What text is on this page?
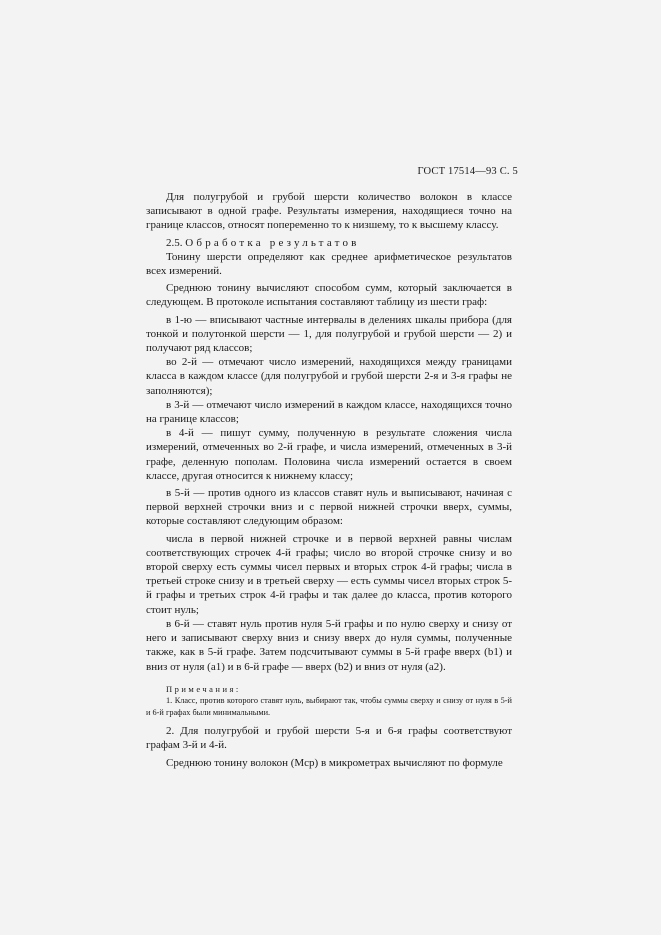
ГОСТ 17514—93 С. 5

Для полугрубой и грубой шерсти количество волокон в классе записывают в одной графе. Результаты измерения, находящиеся точно на границе классов, относят попеременно то к низшему, то к высшему классу.

2.5. Обработка результатов

Тонину шерсти определяют как среднее арифметическое результатов всех измерений.

Среднюю тонину вычисляют способом сумм, который заключается в следующем. В протоколе испытания составляют таблицу из шести граф:

в 1-ю — вписывают частные интервалы в делениях шкалы прибора (для тонкой и полутонкой шерсти — 1, для полугрубой и грубой шерсти — 2) и получают ряд классов;

во 2-й — отмечают число измерений, находящихся между границами класса в каждом классе (для полугрубой и грубой шерсти 2-я и 3-я графы не заполняются);

в 3-й — отмечают число измерений в каждом классе, находящихся точно на границе классов;

в 4-й — пишут сумму, полученную в результате сложения числа измерений, отмеченных во 2-й графе, и числа измерений, отмеченных в 3-й графе, деленную пополам. Половина числа измерений остается в своем классе, другая относится к нижнему классу;

в 5-й — против одного из классов ставят нуль и выписывают, начиная с первой верхней строчки вниз и с первой нижней строчки вверх, суммы, которые составляют следующим образом:

числа в первой нижней строчке и в первой верхней равны числам соответствующих строчек 4-й графы; число во второй строчке снизу и во второй сверху есть суммы чисел первых и вторых строк 4-й графы; числа в третьей строке снизу и в третьей сверху — есть суммы чисел вторых строк 5-й графы и третьих строк 4-й графы и так далее до класса, против которого стоит нуль;

в 6-й — ставят нуль против нуля 5-й графы и по нулю сверху и снизу от него и записывают сверху вниз и снизу вверх до нуля суммы, полученные также, как в 5-й графе. Затем подсчитывают суммы в 5-й графе вверх (b1) и вниз от нуля (a1) и в 6-й графе — вверх (b2) и вниз от нуля (a2).

Примечания:

1. Класс, против которого ставят нуль, выбирают так, чтобы суммы сверху и снизу от нуля в 5-й и 6-й графах были минимальными.

2. Для полугрубой и грубой шерсти 5-я и 6-я графы соответствуют графам 3-й и 4-й.

Среднюю тонину волокон (Мср) в микрометрах вычисляют по формуле
